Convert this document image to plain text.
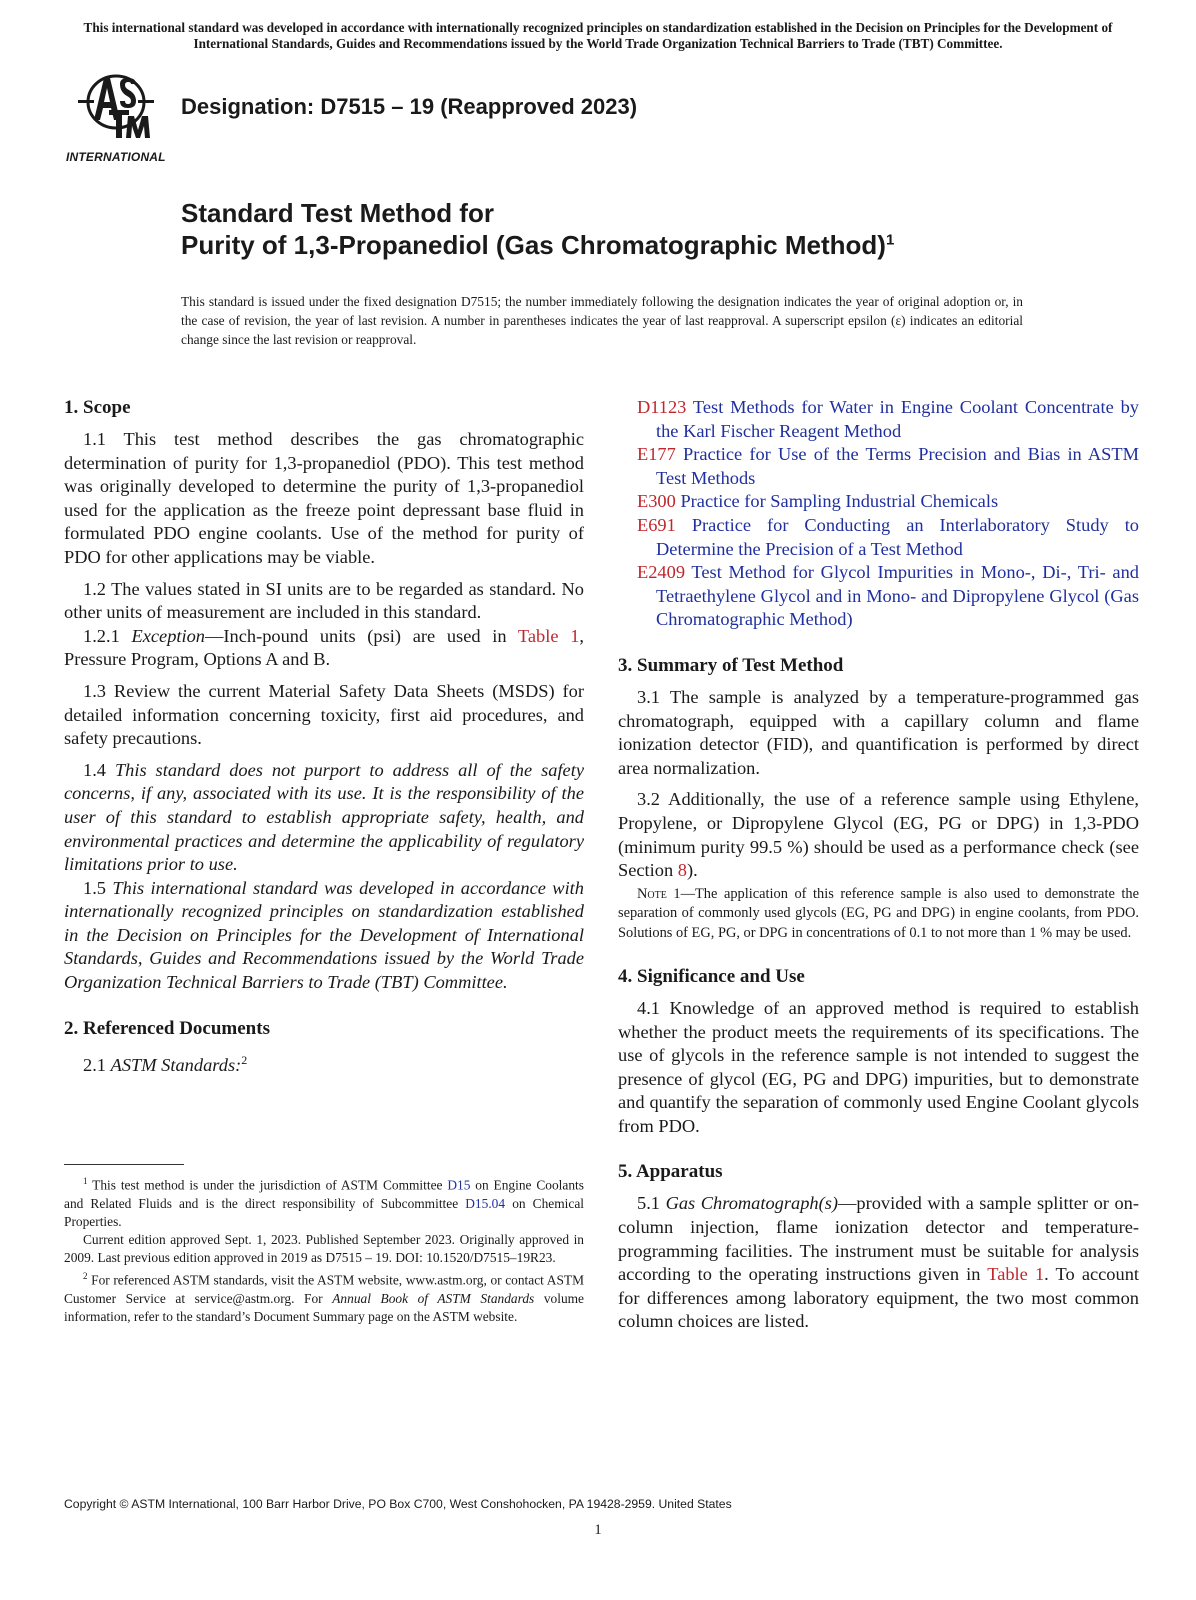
This international standard was developed in accordance with internationally recognized principles on standardization established in the Decision on Principles for the Development of International Standards, Guides and Recommendations issued by the World Trade Organization Technical Barriers to Trade (TBT) Committee.
INTERNATIONAL
Designation: D7515 – 19 (Reapproved 2023)
Standard Test Method for
Purity of 1,3-Propanediol (Gas Chromatographic Method)$^1$
This standard is issued under the fixed designation D7515; the number immediately following the designation indicates the year of original adoption or, in the case of revision, the year of last revision. A number in parentheses indicates the year of last reapproval. A superscript epsilon (ε) indicates an editorial change since the last revision or reapproval.
1. Scope

1.1 This test method describes the gas chromatographic determination of purity for 1,3-propanediol (PDO). This test method was originally developed to determine the purity of 1,3-propanediol used for the application as the freeze point depressant base fluid in formulated PDO engine coolants. Use of the method for purity of PDO for other applications may be viable.

1.2 The values stated in SI units are to be regarded as standard. No other units of measurement are included in this standard.

1.2.1 Exception—Inch-pound units (psi) are used in Table 1, Pressure Program, Options A and B.

1.3 Review the current Material Safety Data Sheets (MSDS) for detailed information concerning toxicity, first aid procedures, and safety precautions.

1.4 This standard does not purport to address all of the safety concerns, if any, associated with its use. It is the responsibility of the user of this standard to establish appropriate safety, health, and environmental practices and determine the applicability of regulatory limitations prior to use.

1.5 This international standard was developed in accordance with internationally recognized principles on standardization established in the Decision on Principles for the Development of International Standards, Guides and Recommendations issued by the World Trade Organization Technical Barriers to Trade (TBT) Committee.

2. Referenced Documents

2.1 ASTM Standards:$^2$

$^1$ This test method is under the jurisdiction of ASTM Committee D15 on Engine Coolants and Related Fluids and is the direct responsibility of Subcommittee D15.04 on Chemical Properties.

Current edition approved Sept. 1, 2023. Published September 2023. Originally approved in 2009. Last previous edition approved in 2019 as D7515 – 19. DOI: 10.1520/D7515–19R23.

$^2$ For referenced ASTM standards, visit the ASTM website, www.astm.org, or contact ASTM Customer Service at service@astm.org. For Annual Book of ASTM Standards volume information, refer to the standard’s Document Summary page on the ASTM website.

D1123 Test Methods for Water in Engine Coolant Concentrate by the Karl Fischer Reagent Method

E177 Practice for Use of the Terms Precision and Bias in ASTM Test Methods

E300 Practice for Sampling Industrial Chemicals

E691 Practice for Conducting an Interlaboratory Study to Determine the Precision of a Test Method

E2409 Test Method for Glycol Impurities in Mono-, Di-, Tri- and Tetraethylene Glycol and in Mono- and Dipropylene Glycol (Gas Chromatographic Method)

3. Summary of Test Method

3.1 The sample is analyzed by a temperature-programmed gas chromatograph, equipped with a capillary column and flame ionization detector (FID), and quantification is performed by direct area normalization.

3.2 Additionally, the use of a reference sample using Ethylene, Propylene, or Dipropylene Glycol (EG, PG or DPG) in 1,3-PDO (minimum purity 99.5 %) should be used as a performance check (see Section 8).

Note 1—The application of this reference sample is also used to demonstrate the separation of commonly used glycols (EG, PG and DPG) in engine coolants, from PDO. Solutions of EG, PG, or DPG in concentrations of 0.1 to not more than 1 % may be used.

4. Significance and Use

4.1 Knowledge of an approved method is required to establish whether the product meets the requirements of its specifications. The use of glycols in the reference sample is not intended to suggest the presence of glycol (EG, PG and DPG) impurities, but to demonstrate and quantify the separation of commonly used Engine Coolant glycols from PDO.

5. Apparatus

5.1 Gas Chromatograph(s)—provided with a sample splitter or on-column injection, flame ionization detector and temperature-programming facilities. The instrument must be suitable for analysis according to the operating instructions given in Table 1. To account for differences among laboratory equipment, the two most common column choices are listed.

Copyright © ASTM International, 100 Barr Harbor Drive, PO Box C700, West Conshohocken, PA 19428-2959. United States
1
